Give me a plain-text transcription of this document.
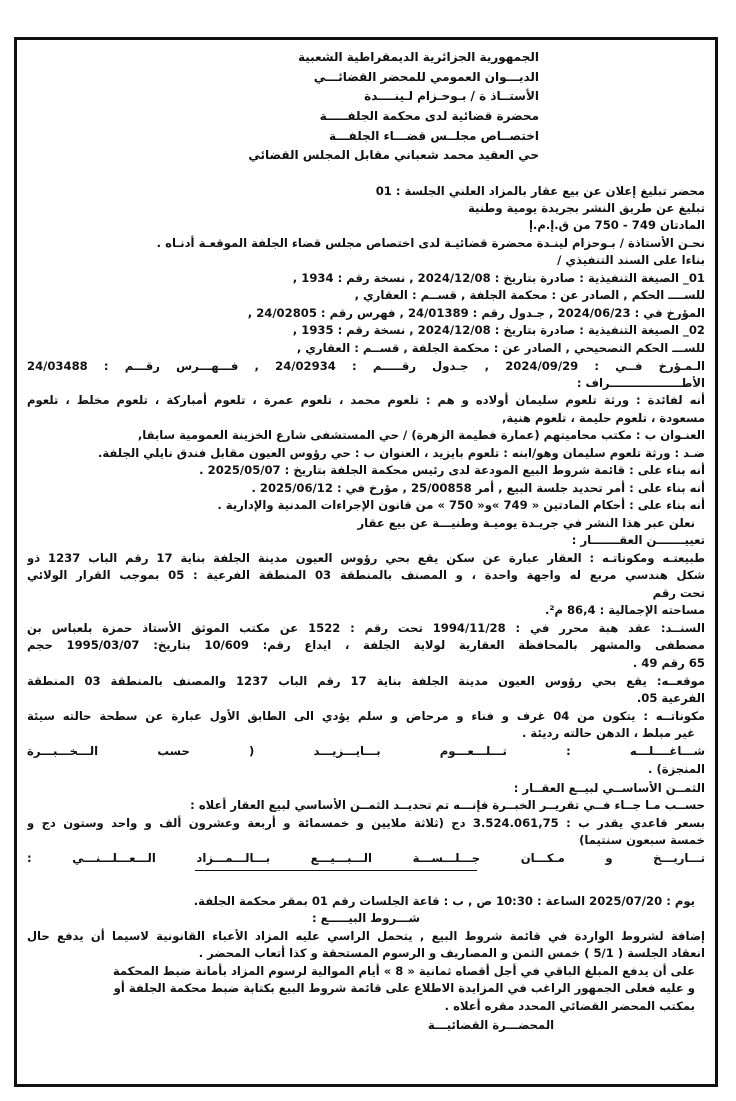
الجمهورية الجزائرية الديمقراطية الشعبية
الديـــوان العمومي للمحضر القضائـــي
الأستــاذ ة / بـوحـزام لـينــــدة
محضرة قضائية لدى محكمة الجلفـــــة
اختصــاص مجلــس قضـــاء الجلفـــة
حي العقيد محمد شعباني مقابل المجلس القضائي
محضر تبليغ إعلان عن بيع عقار بالمزاد العلني الجلسة : 01
تبليغ عن طريق النشر بجريدة يومية وطنية
المادتان 749 - 750 من ق.إ.م.إ
نحـن الأستاذة / بـوحزام لينـدة محضرة قضائيـة لدى اختصاص مجلس قضاء الجلفة الموقعـة أدنـاه .
بناءا على السند التنفيذي /
01_ الصيغة التنفيذية : صادرة بتاريخ : 2024/12/08 , نسخة رقم : 1934 ,
للســــ الحكم , الصادر عن : محكمة الجلفة , قســم : العقاري ,
المؤرخ في : 2024/06/23 , جـدول رقم : 24/01389 , فهرس رقم : 24/02805 ,
02_ الصيغة التنفيذية : صادرة بتاريخ : 2024/12/08 , نسخة رقم : 1935 ,
للســـ الحكم التصحيحي , الصادر عن : محكمة الجلفة , قســم : العقاري ,
الـمـؤرخ فــي : 2024/09/29 , جـدول رقـــــم : 24/02934 , فـــهـــرس رقـــم : 24/03488
الأطــــــــــــــــــراف :
أنه لفائدة : ورثة تلعوم سليمان أولاده و هم : تلعوم محمد ، تلعوم عمرة ، تلعوم أمباركة ، تلعوم مخلط ، تلعوم
مسعودة ، تلعوم حليمة ، تلعوم هنية,
العنـوان ب : مكتب محاميتهم (عمارة فطيمة الزهرة) / حي المستشفى شارع الخزينة العمومية سابقا,
ضـد : ورثة تلعوم سليمان وهو/ابنه : تلعوم بايزيد ، العنوان ب : حي رؤوس العيون مقابل فندق نايلي الجلفة.
أنه بناء على : قائمة شروط البيع المودعة لدى رئيس محكمة الجلفة بتاريخ : 2025/05/07 .
أنه بناء على : أمر تحديد جلسة البيع , أمر 25/00858 , مؤرخ في : 2025/06/12 .
أنه بناء على : أحكام المادتين « 749 »و« 750 » من قانون الإجراءات المدنية والإدارية .
نعلن عبر هذا النشر في جريـدة يوميـة وطنيـــة عن بيع عقار
تعييـــــــن العقـــــــار :
طبيعتـه ومكوناتـه : العقار عبارة عن سكن يقع بحي رؤوس العيون مدينة الجلفة بناية 17 رقم الباب 1237 ذو
شكل هندسي مربع له واجهة واحدة ، و المصنف بالمنطقة 03 المنطقة الفرعية : 05 بموجب القرار الولائي
تحت رقم
مساحته الإجمالية : 86,4 م².
السنــد: عقد هبة محرر في : 1994/11/28 تحت رقم : 1522 عن مكتب الموثق الأستاذ حمزة بلعباس بن
مصطفى والمشهر بالمحافظة العقارية لولاية الجلفة ، ايداع رقم: 10/609 بتاريخ: 1995/03/07 حجم
65 رقم 49 .
موقعــه: يقع بحي رؤوس العيون مدينة الجلفة بناية 17 رقم الباب 1237 والمصنف بالمنطقة 03 المنطقة
الفرعية 05.
مكوناتــه : يتكون من 04 غرف و فناء و مرحاض و سلم يؤدي الى الطابق الأول عبارة عن سطحة حالته سيئة
غير مبلط ، الدهن حالته رديئة .
شـــاغــــلـــه : تـــلـــعـــوم بـــايـــزيـــد ( حسب الـــخـــبـــرة
المنجزة) .
الثمــن الأساســي لبيــع العقــار :
حســب مـا جــاء فــي تقريــر الخبــرة فإنـــه تم تحديــد الثمــن الأساسي لبيع العقار أعلاه :
بسعر قاعدي يقدر ب : 3.524.061,75 دج (ثلاثة ملايين و خمسمائة و أربعة وعشرون ألف و واحد وستون دج و
خمسة سبعون سنتيما)
تـــاريـــخ و مـكـــان جـــلـــســـة الـــبـــيـــع بـــالـــمـــزاد الـــعـــلـــنـــي :
يوم : 2025/07/20 الساعة : 10:30 ص , ب : قاعة الجلسات رقم 01 بمقر محكمة الجلفة.
شـــروط البيـــــع :
إضافة لشروط الواردة في قائمة شروط البيع , يتحمل الراسي عليه المزاد الأعباء القانونية لاسيما أن يدفع حال
انعقاد الجلسة ( 5/1 ) خمس الثمن و المصاريف و الرسوم المستحقة و كذا أتعاب المحضر .
على أن يدفع المبلغ الباقي في أجل أقصاه ثمانية « 8 » أيام الموالية لرسوم المزاد بأمانة ضبط المحكمة
و عليه فعلى الجمهور الراغب في المزايدة الاطلاع على قائمة شروط البيع بكتابة ضبط محكمة الجلفة أو
بمكتب المحضر القضائي المحدد مقره أعلاه .
المحضـــرة القضائيـــة
